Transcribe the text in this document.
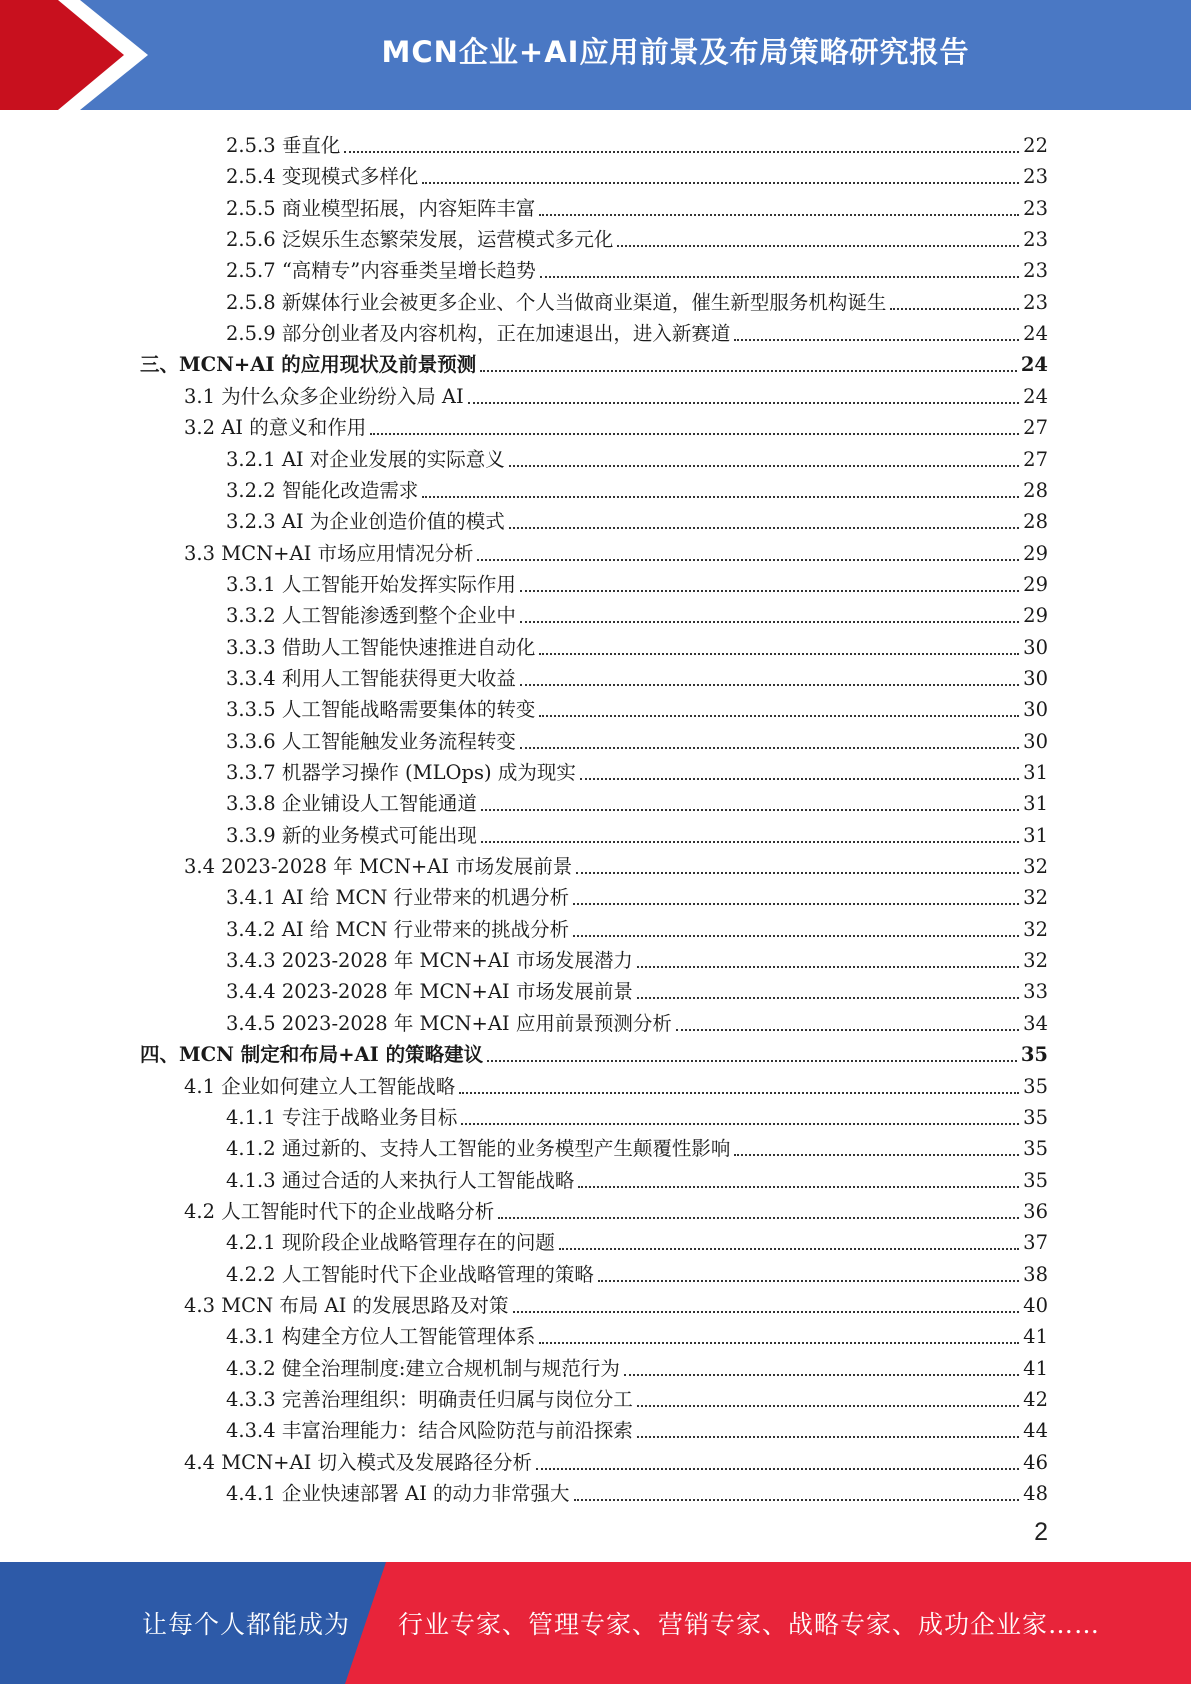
MCN企业+AI应用前景及布局策略研究报告
2.5.3 垂直化	22
2.5.4 变现模式多样化	23
2.5.5 商业模型拓展，内容矩阵丰富	23
2.5.6 泛娱乐生态繁荣发展，运营模式多元化	23
2.5.7 “高精专”内容垂类呈增长趋势	23
2.5.8 新媒体行业会被更多企业、个人当做商业渠道，催生新型服务机构诞生	23
2.5.9 部分创业者及内容机构，正在加速退出，进入新赛道	24
三、MCN+AI 的应用现状及前景预测	24
3.1 为什么众多企业纷纷入局 AI	24
3.2 AI 的意义和作用	27
3.2.1 AI 对企业发展的实际意义	27
3.2.2 智能化改造需求	28
3.2.3 AI 为企业创造价值的模式	28
3.3 MCN+AI 市场应用情况分析	29
3.3.1 人工智能开始发挥实际作用	29
3.3.2 人工智能渗透到整个企业中	29
3.3.3 借助人工智能快速推进自动化	30
3.3.4 利用人工智能获得更大收益	30
3.3.5 人工智能战略需要集体的转变	30
3.3.6 人工智能触发业务流程转变	30
3.3.7 机器学习操作 (MLOps) 成为现实	31
3.3.8 企业铺设人工智能通道	31
3.3.9 新的业务模式可能出现	31
3.4 2023-2028 年 MCN+AI 市场发展前景	32
3.4.1 AI 给 MCN 行业带来的机遇分析	32
3.4.2 AI 给 MCN 行业带来的挑战分析	32
3.4.3 2023-2028 年 MCN+AI 市场发展潜力	32
3.4.4 2023-2028 年 MCN+AI 市场发展前景	33
3.4.5 2023-2028 年 MCN+AI 应用前景预测分析	34
四、MCN 制定和布局+AI 的策略建议	35
4.1 企业如何建立人工智能战略	35
4.1.1 专注于战略业务目标	35
4.1.2 通过新的、支持人工智能的业务模型产生颠覆性影响	35
4.1.3 通过合适的人来执行人工智能战略	35
4.2 人工智能时代下的企业战略分析	36
4.2.1 现阶段企业战略管理存在的问题	37
4.2.2 人工智能时代下企业战略管理的策略	38
4.3 MCN 布局 AI 的发展思路及对策	40
4.3.1 构建全方位人工智能管理体系	41
4.3.2 健全治理制度:建立合规机制与规范行为	41
4.3.3 完善治理组织：明确责任归属与岗位分工	42
4.3.4 丰富治理能力：结合风险防范与前沿探索	44
4.4 MCN+AI 切入模式及发展路径分析	46
4.4.1 企业快速部署 AI 的动力非常强大	48
2
让每个人都能成为 行业专家、管理专家、营销专家、战略专家、成功企业家……
